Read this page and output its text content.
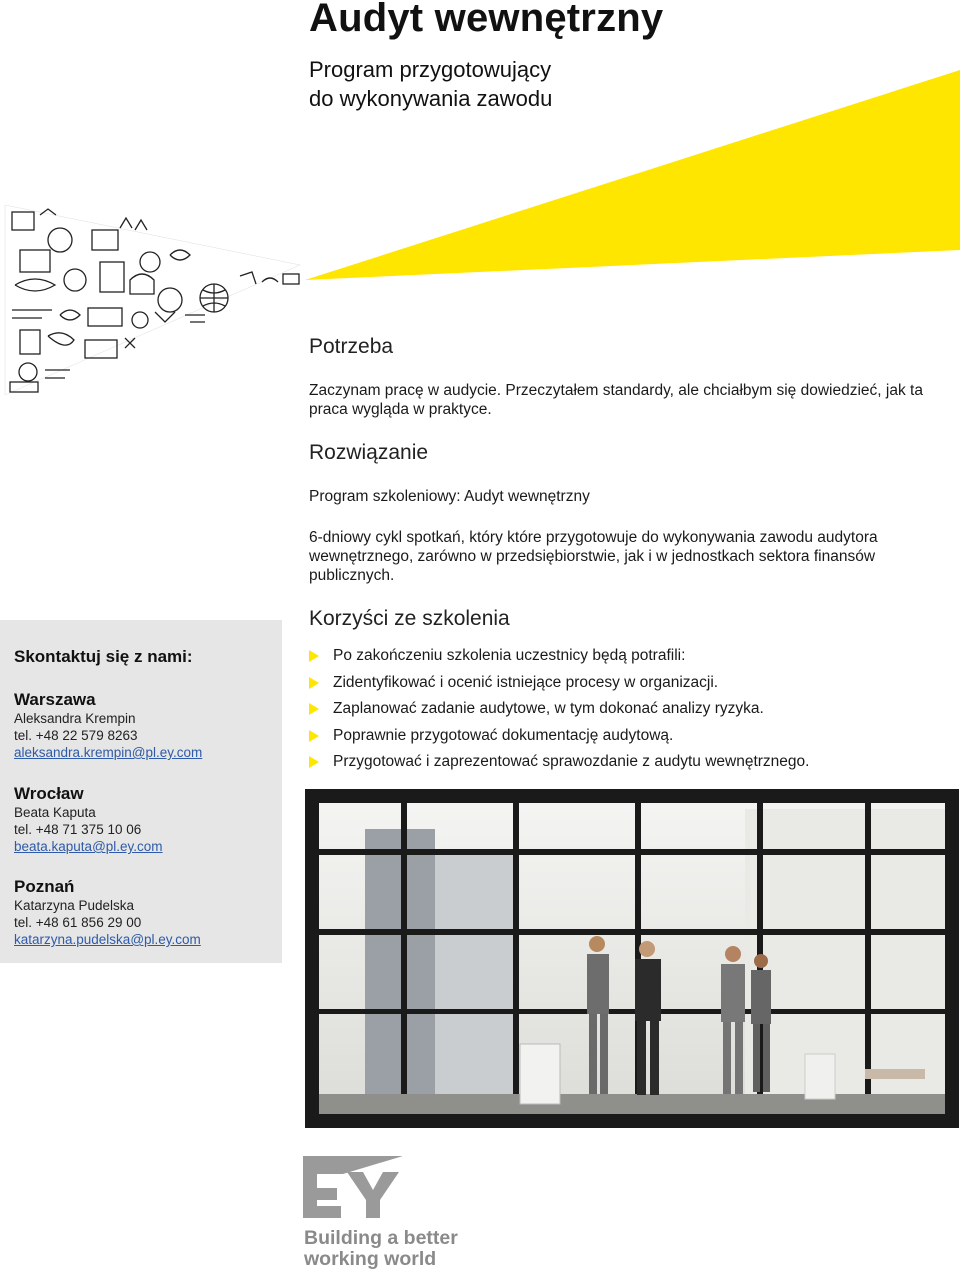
Audyt wewnętrzny
Program przygotowujący
do wykonywania zawodu
Potrzeba
Zaczynam pracę w audycie. Przeczytałem standardy, ale chciałbym się dowiedzieć, jak ta praca wygląda w praktyce.
Rozwiązanie
Program szkoleniowy: Audyt wewnętrzny
6-dniowy cykl spotkań, który które przygotowuje do wykonywania zawodu audytora wewnętrznego, zarówno w przedsiębiorstwie, jak i w jednostkach sektora finansów publicznych.
Korzyści ze szkolenia
Po zakończeniu szkolenia uczestnicy będą potrafili:
Zidentyfikować i ocenić istniejące procesy w organizacji.
Zaplanować zadanie audytowe, w tym dokonać analizy ryzyka.
Poprawnie przygotować dokumentację audytową.
Przygotować i zaprezentować sprawozdanie z audytu wewnętrznego.
Skontaktuj się z nami:
Warszawa
Aleksandra Krempin
tel. +48 22 579 8263
aleksandra.krempin@pl.ey.com
Wrocław
Beata Kaputa
tel. +48 71 375 10 06
beata.kaputa@pl.ey.com
Poznań
Katarzyna Pudelska
tel. +48 61 856 29 00
katarzyna.pudelska@pl.ey.com
EY
Building a better
working world
